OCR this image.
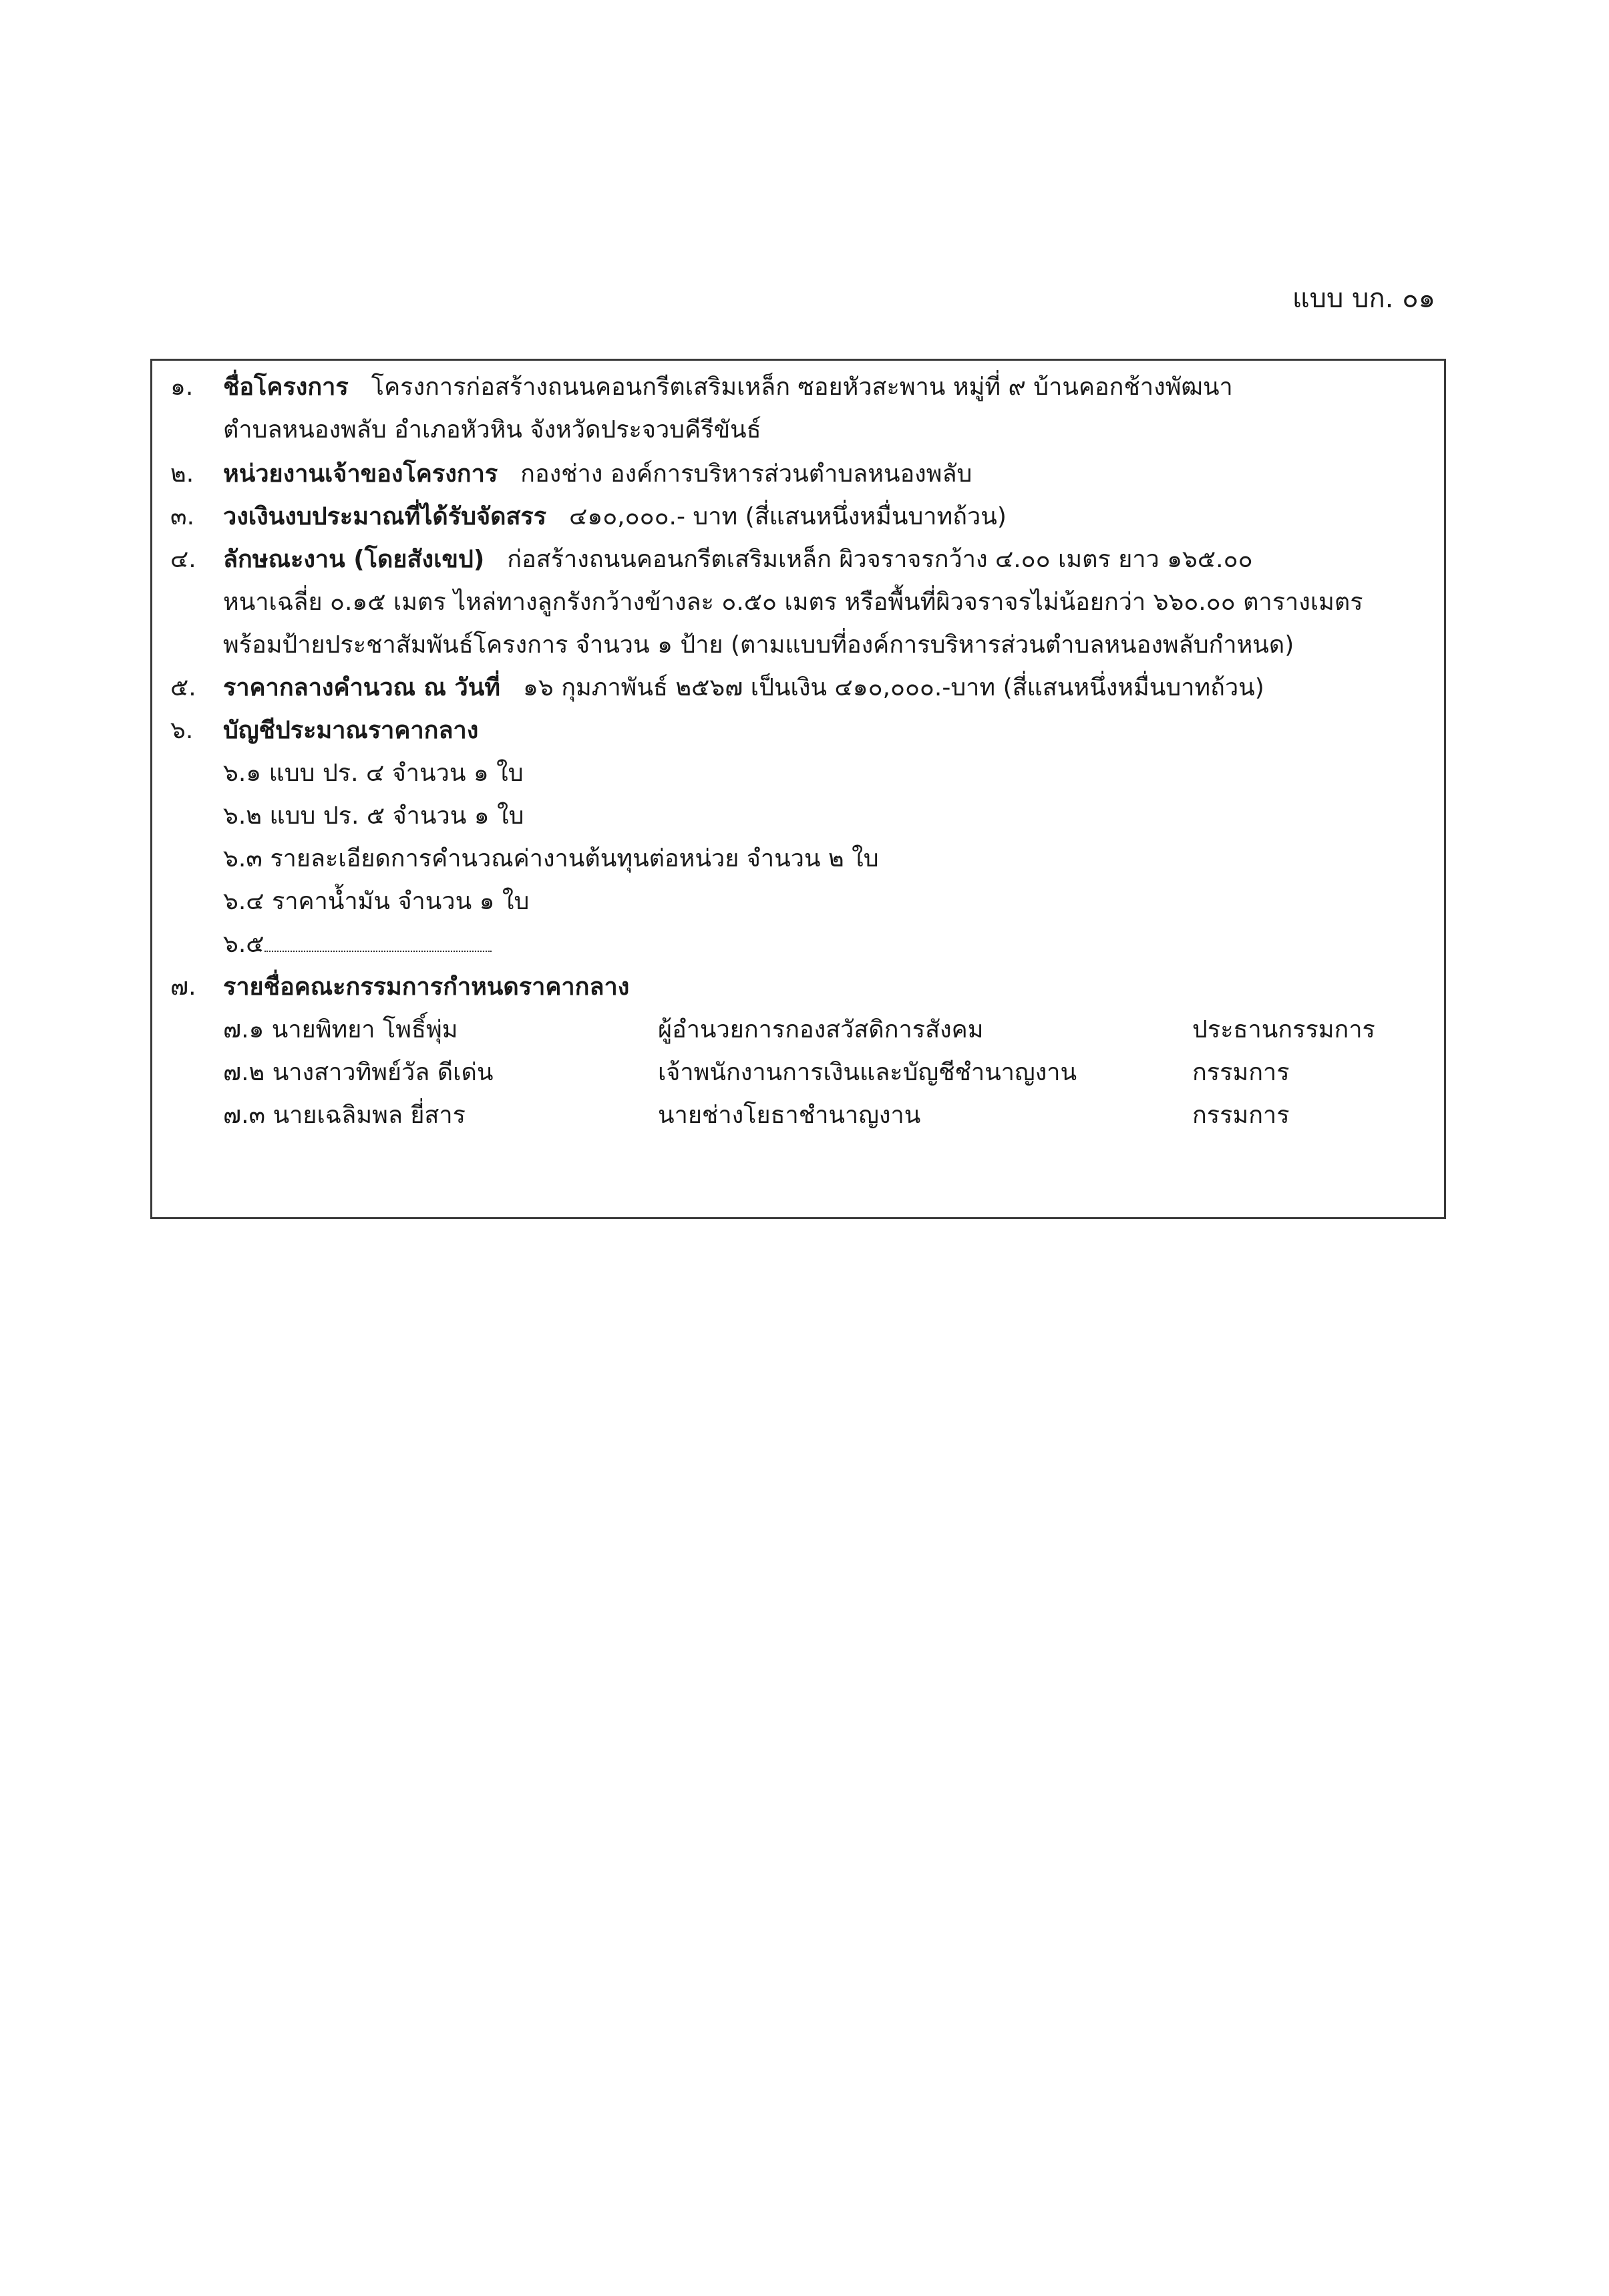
แบบ บก. ๐๑
๑. ชื่อโครงการ โครงการก่อสร้างถนนคอนกรีตเสริมเหล็ก ซอยหัวสะพาน หมู่ที่ ๙ บ้านคอกช้างพัฒนา
ตำบลหนองพลับ อำเภอหัวหิน จังหวัดประจวบคีรีขันธ์
๒. หน่วยงานเจ้าของโครงการ กองช่าง องค์การบริหารส่วนตำบลหนองพลับ
๓. วงเงินงบประมาณที่ได้รับจัดสรร ๔๑๐,๐๐๐.- บาท (สี่แสนหนึ่งหมื่นบาทถ้วน)
๔. ลักษณะงาน (โดยสังเขป) ก่อสร้างถนนคอนกรีตเสริมเหล็ก ผิวจราจรกว้าง ๔.๐๐ เมตร ยาว ๑๖๕.๐๐
หนาเฉลี่ย ๐.๑๕ เมตร ไหล่ทางลูกรังกว้างข้างละ ๐.๕๐ เมตร หรือพื้นที่ผิวจราจรไม่น้อยกว่า ๖๖๐.๐๐ ตารางเมตร
พร้อมป้ายประชาสัมพันธ์โครงการ จำนวน ๑ ป้าย (ตามแบบที่องค์การบริหารส่วนตำบลหนองพลับกำหนด)
๕. ราคากลางคำนวณ ณ วันที่ ๑๖ กุมภาพันธ์ ๒๕๖๗ เป็นเงิน ๔๑๐,๐๐๐.-บาท (สี่แสนหนึ่งหมื่นบาทถ้วน)
๖. บัญชีประมาณราคากลาง
๖.๑ แบบ ปร. ๔ จำนวน ๑ ใบ
๖.๒ แบบ ปร. ๕ จำนวน ๑ ใบ
๖.๓ รายละเอียดการคำนวณค่างานต้นทุนต่อหน่วย จำนวน ๒ ใบ
๖.๔ ราคาน้ำมัน จำนวน ๑ ใบ
๖.๕
๗. รายชื่อคณะกรรมการกำหนดราคากลาง
๗.๑ นายพิทยา โพธิ์พุ่ม	ผู้อำนวยการกองสวัสดิการสังคม	ประธานกรรมการ
๗.๒ นางสาวทิพย์วัล ดีเด่น	เจ้าพนักงานการเงินและบัญชีชำนาญงาน	กรรมการ
๗.๓ นายเฉลิมพล ยี่สาร	นายช่างโยธาชำนาญงาน	กรรมการ
